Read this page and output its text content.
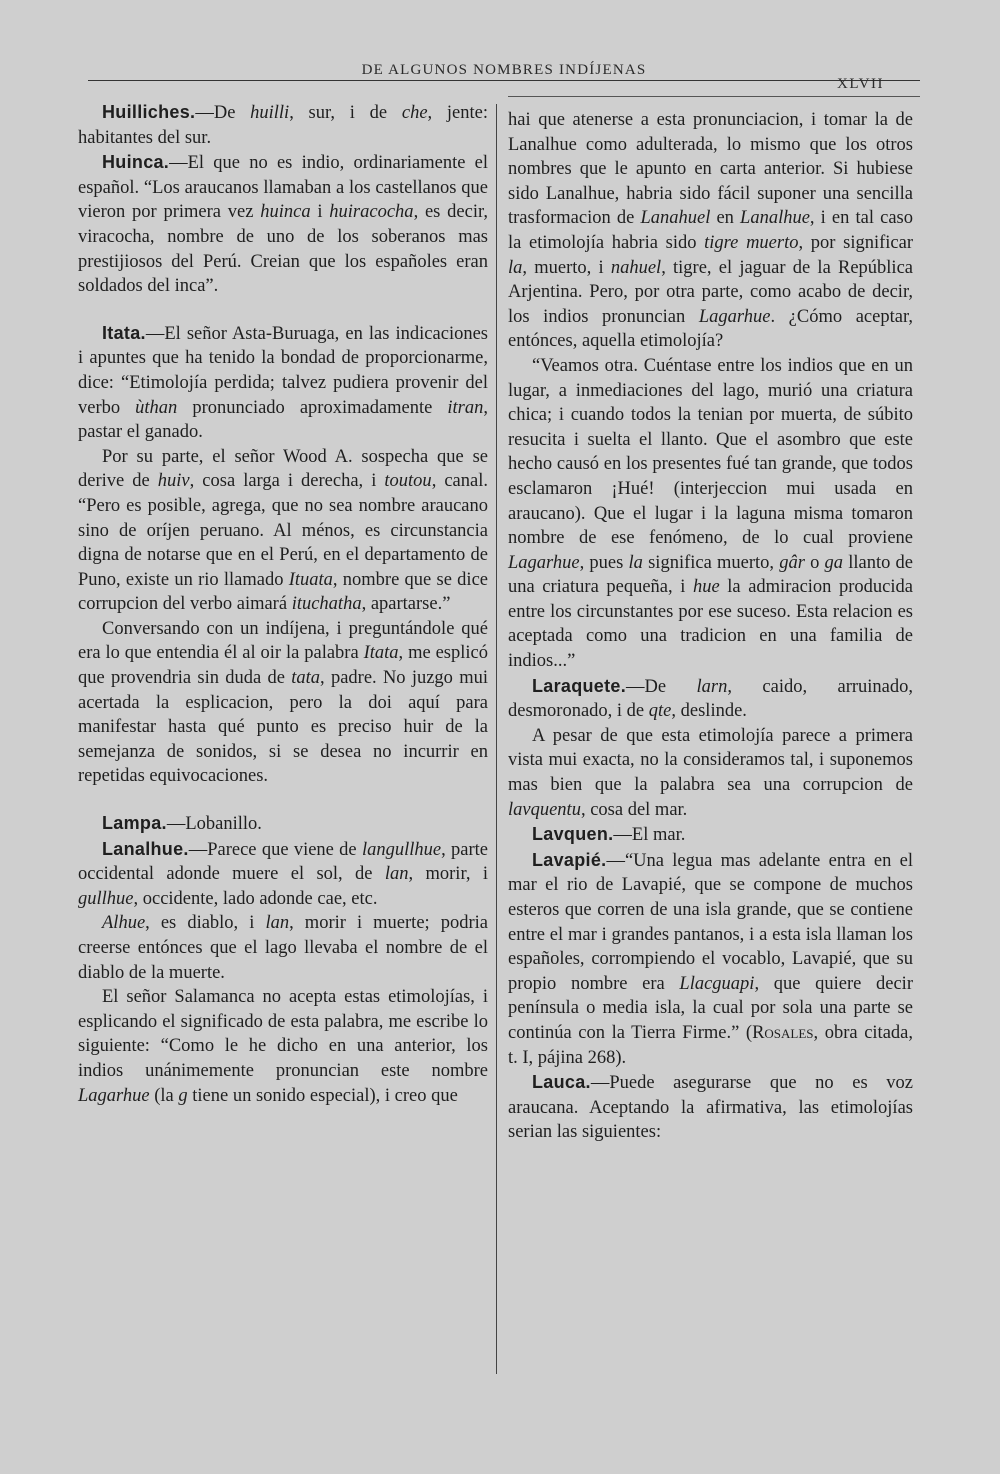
DE ALGUNOS NOMBRES INDÍJENAS
XLVII

Huilliches.—De huilli, sur, i de che, jente: habitantes del sur.

Huinca.—El que no es indio, ordinariamente el español. “Los araucanos llamaban a los castellanos que vieron por primera vez huinca i huiracocha, es decir, viracocha, nombre de uno de los soberanos mas prestijiosos del Perú. Creian que los españoles eran soldados del inca”.

Itata.—El señor Asta-Buruaga, en las indicaciones i apuntes que ha tenido la bondad de proporcionarme, dice: “Etimolojía perdida; talvez pudiera provenir del verbo ùthan pronunciado aproximadamente itran, pastar el ganado.

Por su parte, el señor Wood A. sospecha que se derive de huiv, cosa larga i derecha, i toutou, canal. “Pero es posible, agrega, que no sea nombre araucano sino de oríjen peruano. Al ménos, es circunstancia digna de notarse que en el Perú, en el departamento de Puno, existe un rio llamado Ituata, nombre que se dice corrupcion del verbo aimará ituchatha, apartarse.”

Conversando con un indíjena, i preguntándole qué era lo que entendia él al oir la palabra Itata, me esplicó que provendria sin duda de tata, padre. No juzgo mui acertada la esplicacion, pero la doi aquí para manifestar hasta qué punto es preciso huir de la semejanza de sonidos, si se desea no incurrir en repetidas equivocaciones.

Lampa.—Lobanillo.

Lanalhue.—Parece que viene de langullhue, parte occidental adonde muere el sol, de lan, morir, i gullhue, occidente, lado adonde cae, etc.

Alhue, es diablo, i lan, morir i muerte; podria creerse entónces que el lago llevaba el nombre de el diablo de la muerte.

El señor Salamanca no acepta estas etimolojías, i esplicando el significado de esta palabra, me escribe lo siguiente: “Como le he dicho en una anterior, los indios unánimemente pronuncian este nombre Lagarhue (la g tiene un sonido especial), i creo que

hai que atenerse a esta pronunciacion, i tomar la de Lanalhue como adulterada, lo mismo que los otros nombres que le apunto en carta anterior. Si hubiese sido Lanalhue, habria sido fácil suponer una sencilla trasformacion de Lanahuel en Lanalhue, i en tal caso la etimolojía habria sido tigre muerto, por significar la, muerto, i nahuel, tigre, el jaguar de la República Arjentina. Pero, por otra parte, como acabo de decir, los indios pronuncian Lagarhue. ¿Cómo aceptar, entónces, aquella etimolojía?

“Veamos otra. Cuéntase entre los indios que en un lugar, a inmediaciones del lago, murió una criatura chica; i cuando todos la tenian por muerta, de súbito resucita i suelta el llanto. Que el asombro que este hecho causó en los presentes fué tan grande, que todos esclamaron ¡Hué! (interjeccion mui usada en araucano). Que el lugar i la laguna misma tomaron nombre de ese fenómeno, de lo cual proviene Lagarhue, pues la significa muerto, gâr o ga llanto de una criatura pequeña, i hue la admiracion producida entre los circunstantes por ese suceso. Esta relacion es aceptada como una tradicion en una familia de indios...”

Laraquete.—De larn, caido, arruinado, desmoronado, i de qte, deslinde.

A pesar de que esta etimolojía parece a primera vista mui exacta, no la consideramos tal, i suponemos mas bien que la palabra sea una corrupcion de lavquentu, cosa del mar.

Lavquen.—El mar.

Lavapié.—“Una legua mas adelante entra en el mar el rio de Lavapié, que se compone de muchos esteros que corren de una isla grande, que se contiene entre el mar i grandes pantanos, i a esta isla llaman los españoles, corrompiendo el vocablo, Lavapié, que su propio nombre era Llacguapi, que quiere decir península o media isla, la cual por sola una parte se continúa con la Tierra Firme.” (Rosales, obra citada, t. I, pájina 268).

Lauca.—Puede asegurarse que no es voz araucana. Aceptando la afirmativa, las etimolojías serian las siguientes:
